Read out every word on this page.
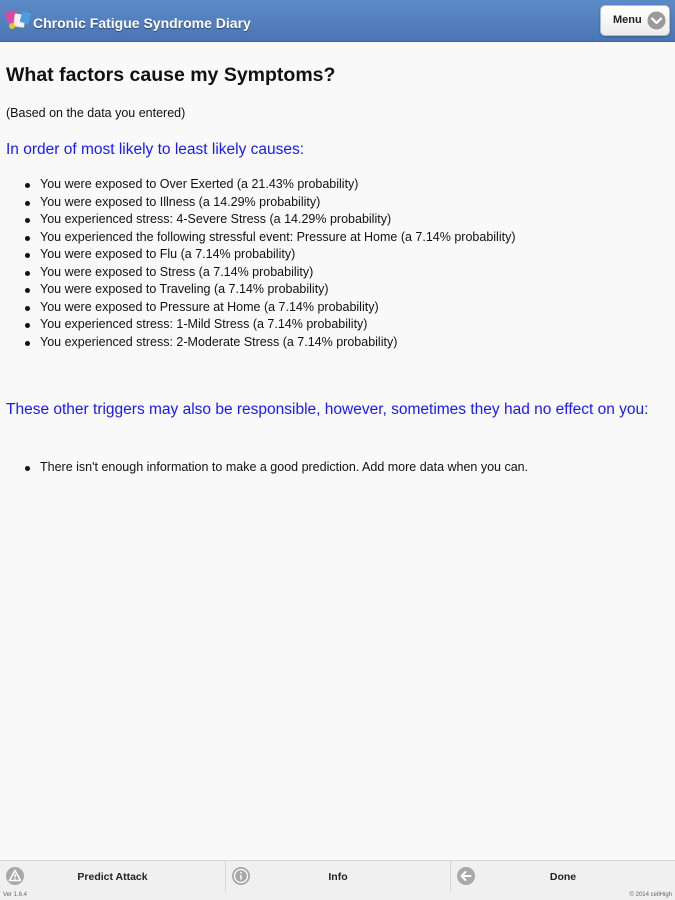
Chronic Fatigue Syndrome Diary	Menu
What factors cause my Symptoms?
(Based on the data you entered)
In order of most likely to least likely causes:
You were exposed to Over Exerted (a 21.43% probability)
You were exposed to Illness (a 14.29% probability)
You experienced stress: 4-Severe Stress (a 14.29% probability)
You experienced the following stressful event: Pressure at Home (a 7.14% probability)
You were exposed to Flu (a 7.14% probability)
You were exposed to Stress (a 7.14% probability)
You were exposed to Traveling (a 7.14% probability)
You were exposed to Pressure at Home (a 7.14% probability)
You experienced stress: 1-Mild Stress (a 7.14% probability)
You experienced stress: 2-Moderate Stress (a 7.14% probability)
These other triggers may also be responsible, however, sometimes they had no effect on you:
There isn't enough information to make a good prediction. Add more data when you can.
Predict Attack	Info	Done
Ver 1.6.4	© 2014 cellHigh
